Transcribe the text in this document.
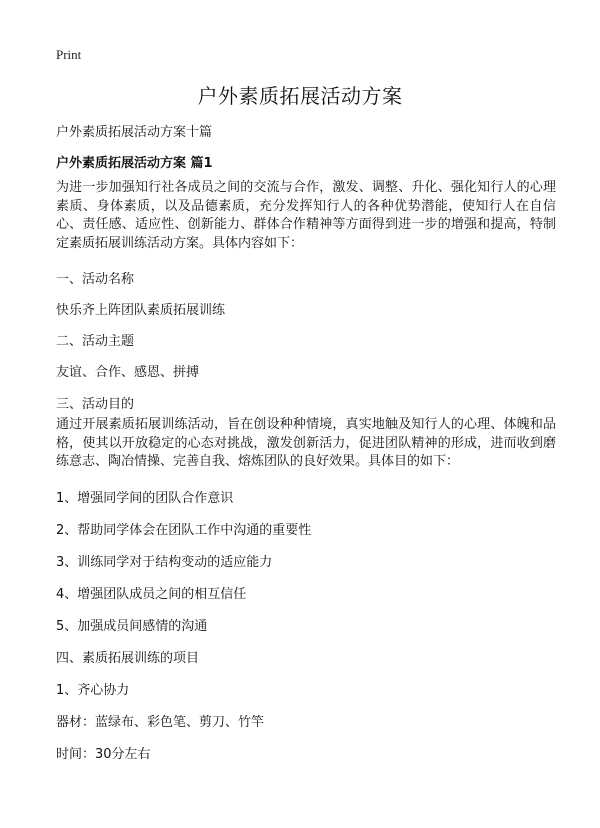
Print
户外素质拓展活动方案
户外素质拓展活动方案十篇
户外素质拓展活动方案 篇1

为进一步加强知行社各成员之间的交流与合作，激发、调整、升化、强化知行人的心理素质、身体素质，以及品德素质，充分发挥知行人的各种优势潜能，使知行人在自信心、责任感、适应性、创新能力、群体合作精神等方面得到进一步的增强和提高，特制定素质拓展训练活动方案。具体内容如下：

一、活动名称
快乐齐上阵团队素质拓展训练
二、活动主题
友谊、合作、感恩、拼搏
三、活动目的

通过开展素质拓展训练活动，旨在创设种种情境，真实地触及知行人的心理、体魄和品格，使其以开放稳定的心态对挑战，激发创新活力，促进团队精神的形成，进而收到磨练意志、陶冶情操、完善自我、熔炼团队的良好效果。具体目的如下：

1、增强同学间的团队合作意识
2、帮助同学体会在团队工作中沟通的重要性
3、训练同学对于结构变动的适应能力
4、增强团队成员之间的相互信任
5、加强成员间感情的沟通
四、素质拓展训练的项目
1、齐心协力
器材：蓝绿布、彩色笔、剪刀、竹竿
时间：30分左右
